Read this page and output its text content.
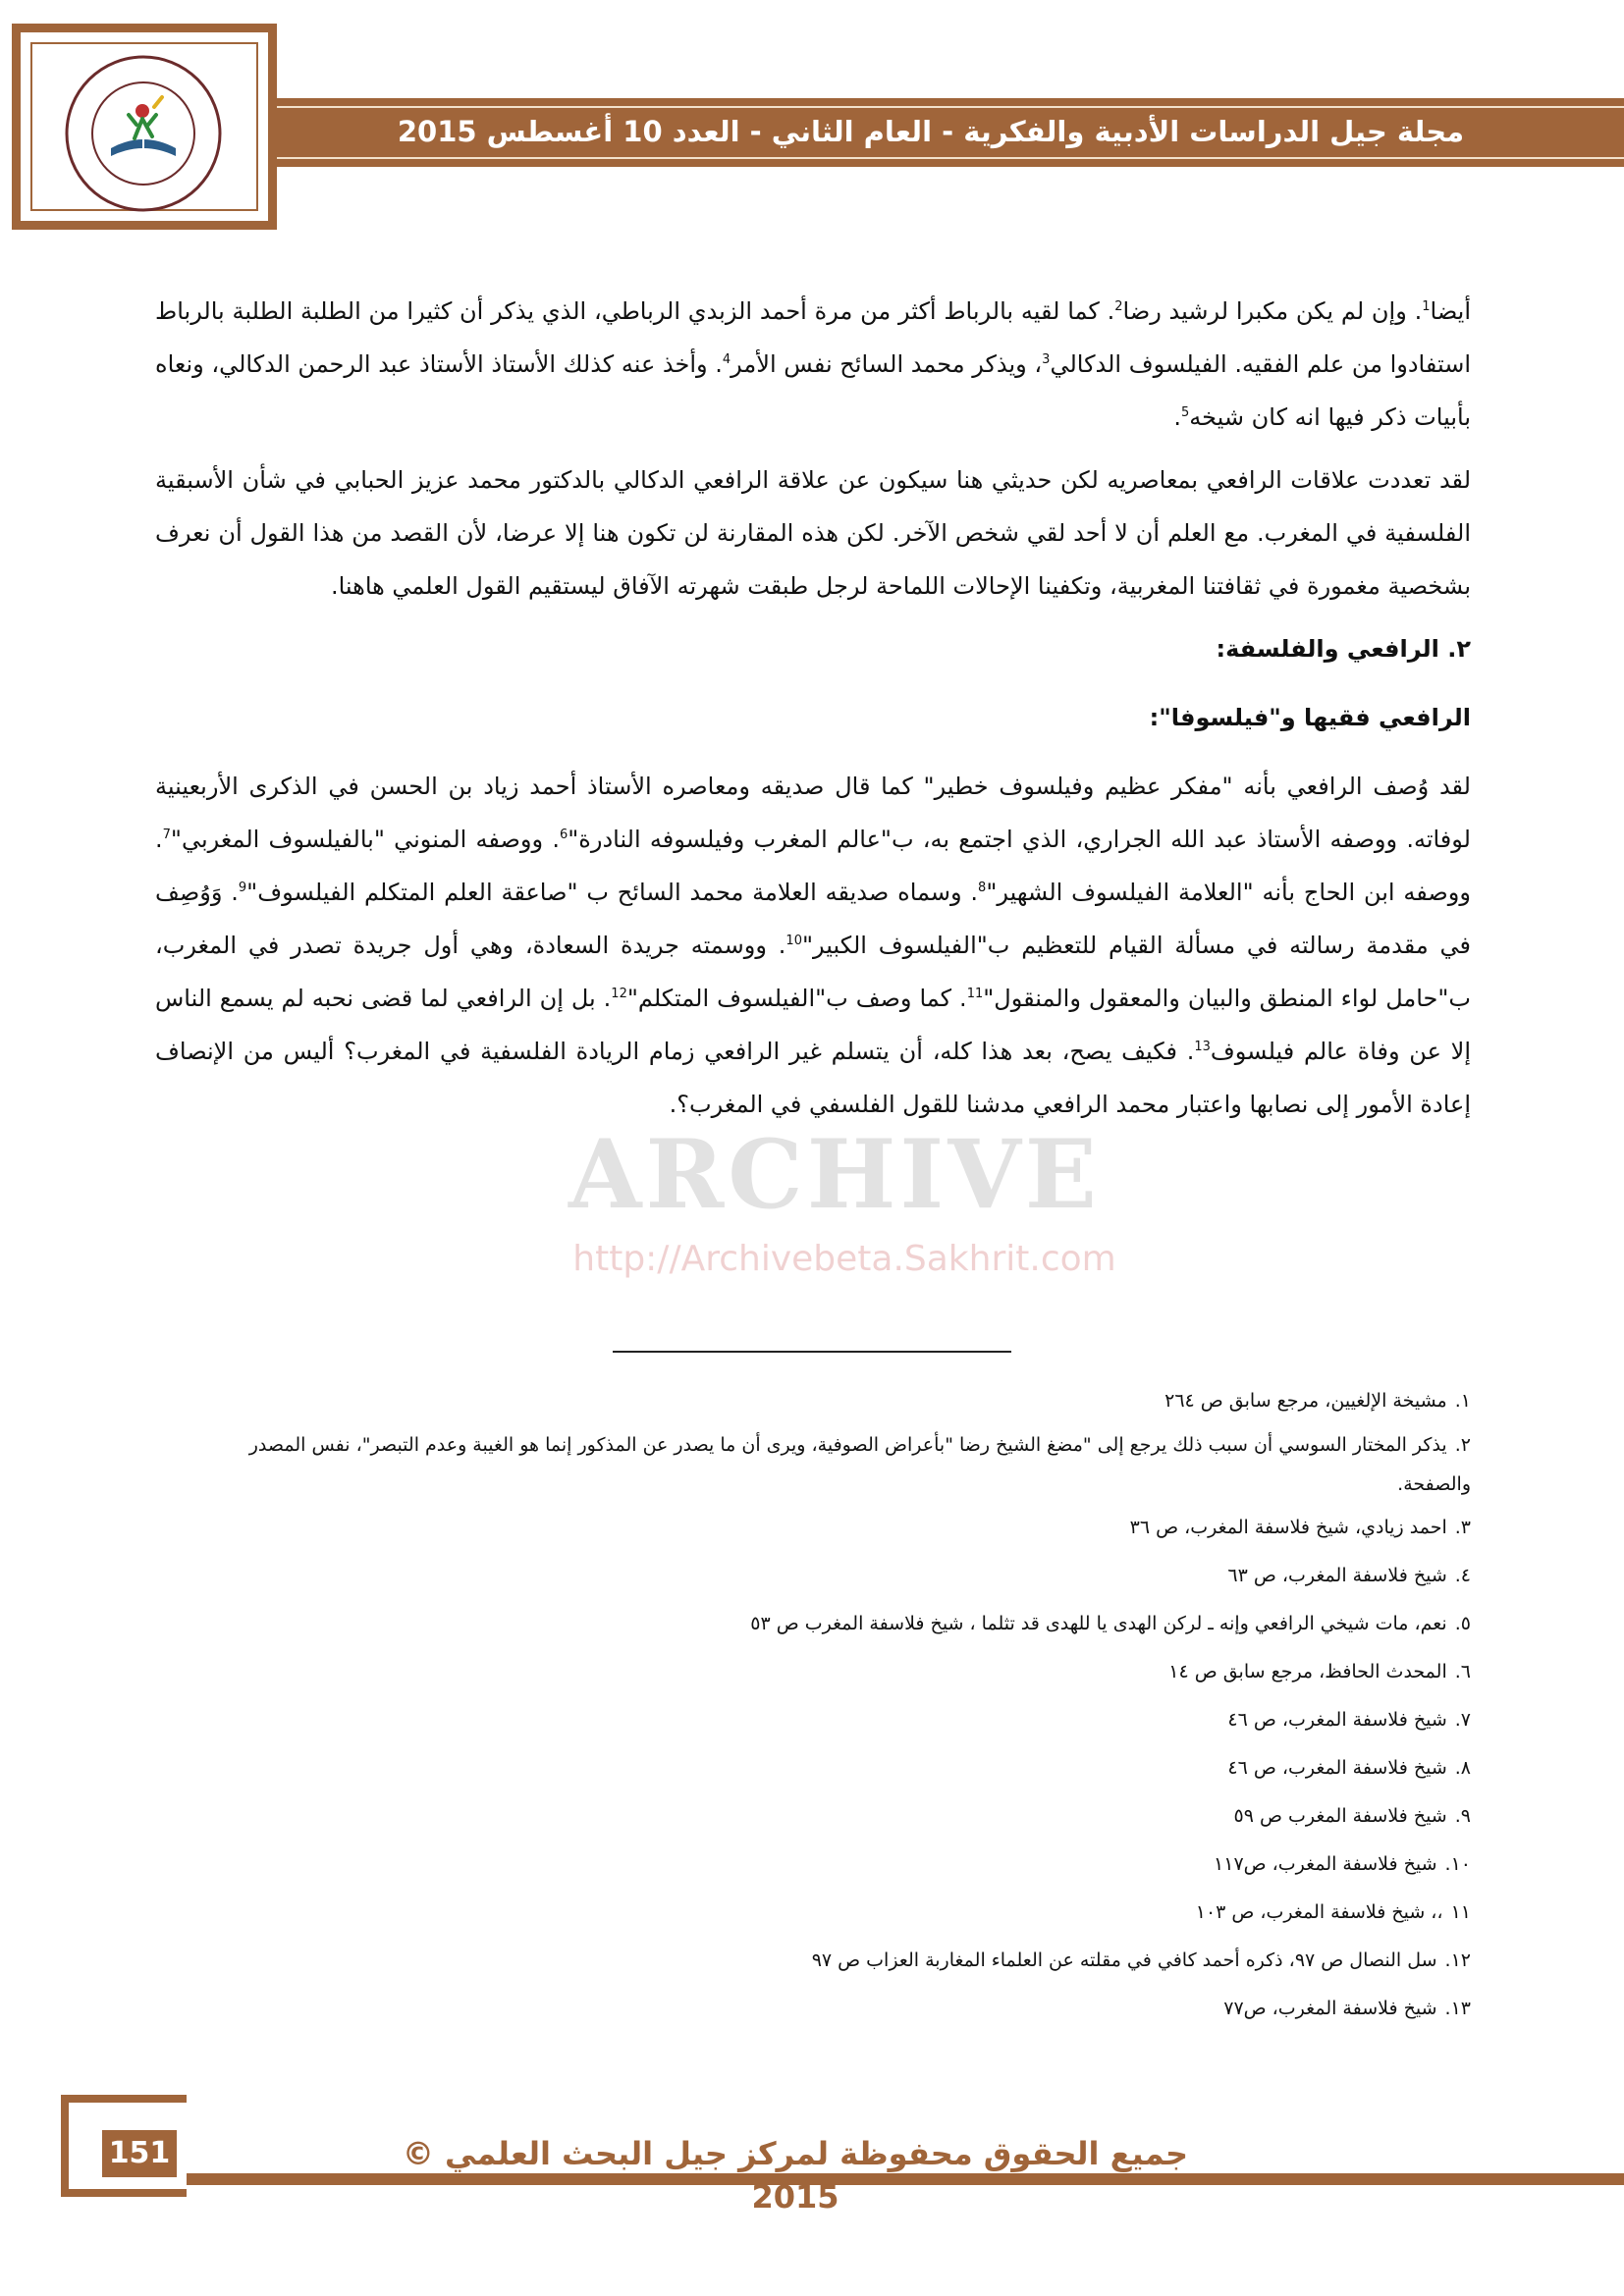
مجلة جيل الدراسات الأدبية والفكرية - العام الثاني - العدد 10 أغسطس 2015

أيضا$^1$. وإن لم يكن مكبرا لرشيد رضا$^2$. كما لقيه بالرباط أكثر من مرة أحمد الزبدي الرباطي، الذي يذكر أن كثيرا من الطلبة الطلبة بالرباط استفادوا من علم الفقيه. الفيلسوف الدكالي$^3$، ويذكر محمد السائح نفس الأمر$^4$. وأخذ عنه كذلك الأستاذ الأستاذ عبد الرحمن الدكالي، ونعاه بأبيات ذكر فيها انه كان شيخه$^5$.

لقد تعددت علاقات الرافعي بمعاصريه لكن حديثي هنا سيكون عن علاقة الرافعي الدكالي بالدكتور محمد عزيز الحبابي في شأن الأسبقية الفلسفية في المغرب. مع العلم أن لا أحد لقي شخص الآخر. لكن هذه المقارنة لن تكون هنا إلا عرضا، لأن القصد من هذا القول أن نعرف بشخصية مغمورة في ثقافتنا المغربية، وتكفينا الإحالات اللماحة لرجل طبقت شهرته الآفاق ليستقيم القول العلمي هاهنا.

٢. الرافعي والفلسفة:

الرافعي فقيها و"فيلسوفا":

لقد وُصف الرافعي بأنه "مفكر عظيم وفيلسوف خطير" كما قال صديقه ومعاصره الأستاذ أحمد زياد بن الحسن في الذكرى الأربعينية لوفاته. ووصفه الأستاذ عبد الله الجراري، الذي اجتمع به، ب"عالم المغرب وفيلسوفه النادرة"$^6$. ووصفه المنوني "بالفيلسوف المغربي"$^7$. ووصفه ابن الحاج بأنه "العلامة الفيلسوف الشهير"$^8$. وسماه صديقه العلامة محمد السائح ب "صاعقة العلم المتكلم الفيلسوف"$^9$. وَوُصِف في مقدمة رسالته في مسألة القيام للتعظيم ب"الفيلسوف الكبير"$^{10}$. ووسمته جريدة السعادة، وهي أول جريدة تصدر في المغرب، ب"حامل لواء المنطق والبيان والمعقول والمنقول"$^{11}$. كما وصف ب"الفيلسوف المتكلم"$^{12}$. بل إن الرافعي لما قضى نحبه لم يسمع الناس إلا عن وفاة عالم فيلسوف$^{13}$. فكيف يصح، بعد هذا كله، أن يتسلم غير الرافعي زمام الريادة الفلسفية في المغرب؟ أليس من الإنصاف إعادة الأمور إلى نصابها واعتبار محمد الرافعي مدشنا للقول الفلسفي في المغرب؟.

ARCHIVE
http://Archivebeta.Sakhrit.com
١.مشيخة الإلغيين، مرجع سابق ص ٢٦٤
٢.يذكر المختار السوسي أن سبب ذلك يرجع إلى "مضغ الشيخ رضا "بأعراض الصوفية، ويرى أن ما يصدر عن المذكور إنما هو الغيبة وعدم التبصر"، نفس المصدر والصفحة.
٣.احمد زيادي، شيخ فلاسفة المغرب، ص ٣٦
٤.شيخ فلاسفة المغرب، ص ٦٣
٥.نعم، مات شيخي الرافعي وإنه ـ لركن الهدى يا للهدى قد تثلما ، شيخ فلاسفة المغرب ص ٥٣
٦.المحدث الحافظ، مرجع سابق ص ١٤
٧.شيخ فلاسفة المغرب، ص ٤٦
٨.شيخ فلاسفة المغرب، ص ٤٦
٩.شيخ فلاسفة المغرب ص ٥٩
١٠.شيخ فلاسفة المغرب، ص١١٧
١١،، شيخ فلاسفة المغرب، ص ١٠٣
١٢.سل النصال ص ٩٧، ذكره أحمد كافي في مقلته عن العلماء المغاربة العزاب ص ٩٧
١٣.شيخ فلاسفة المغرب، ص٧٧
151	جميع الحقوق محفوظة لمركز جيل البحث العلمي © 2015
